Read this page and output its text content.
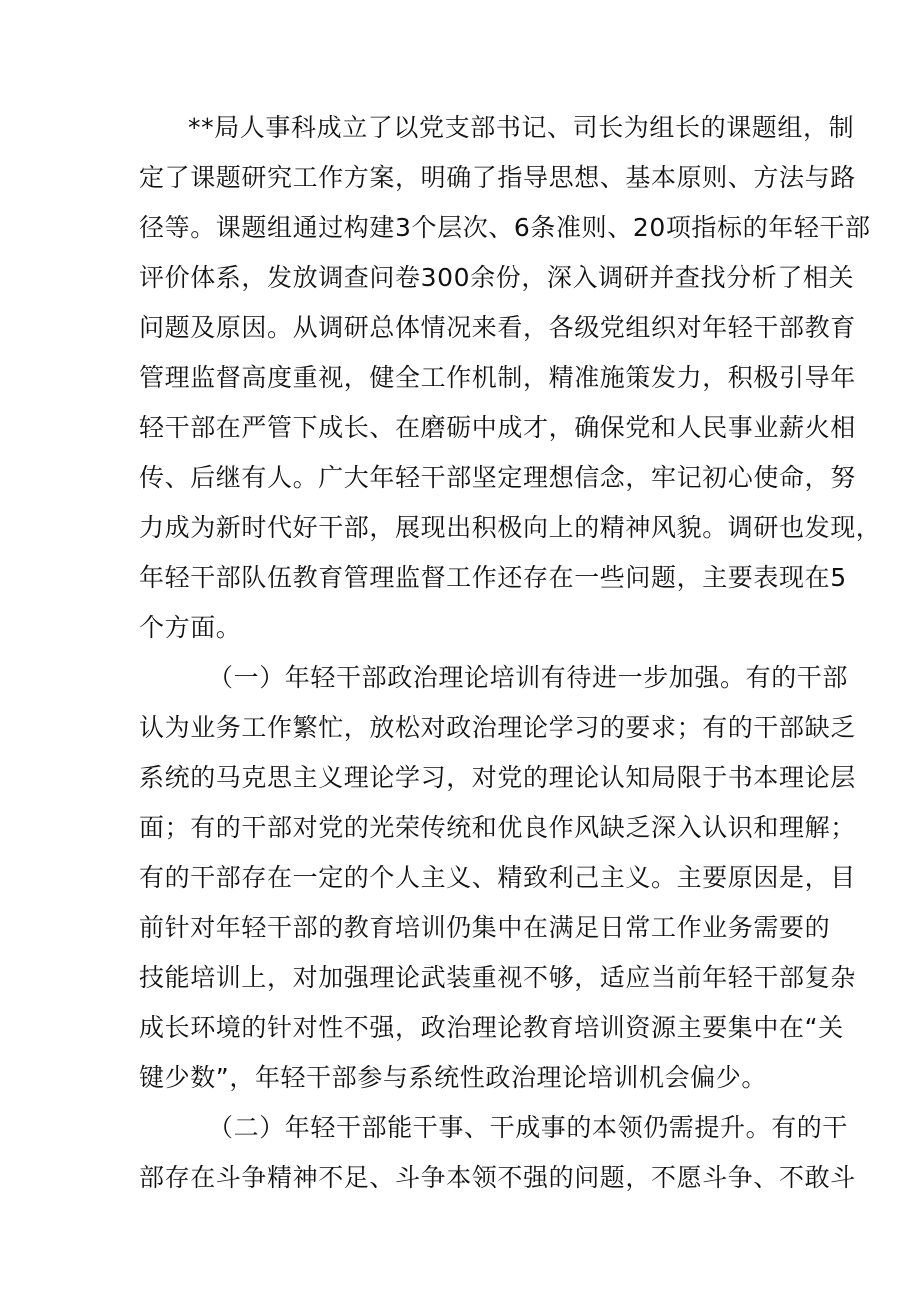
**局人事科成立了以党支部书记、司长为组长的课题组，制
定了课题研究工作方案，明确了指导思想、基本原则、方法与路
径等。课题组通过构建3个层次、6条准则、20项指标的年轻干部
评价体系，发放调查问卷300余份，深入调研并查找分析了相关
问题及原因。从调研总体情况来看，各级党组织对年轻干部教育
管理监督高度重视，健全工作机制，精准施策发力，积极引导年
轻干部在严管下成长、在磨砺中成才，确保党和人民事业薪火相
传、后继有人。广大年轻干部坚定理想信念，牢记初心使命，努
力成为新时代好干部，展现出积极向上的精神风貌。调研也发现，
年轻干部队伍教育管理监督工作还存在一些问题，主要表现在5
个方面。
（一）年轻干部政治理论培训有待进一步加强。有的干部
认为业务工作繁忙，放松对政治理论学习的要求；有的干部缺乏
系统的马克思主义理论学习，对党的理论认知局限于书本理论层
面；有的干部对党的光荣传统和优良作风缺乏深入认识和理解；
有的干部存在一定的个人主义、精致利己主义。主要原因是，目
前针对年轻干部的教育培训仍集中在满足日常工作业务需要的
技能培训上，对加强理论武装重视不够，适应当前年轻干部复杂
成长环境的针对性不强，政治理论教育培训资源主要集中在“关
键少数”，年轻干部参与系统性政治理论培训机会偏少。
（二）年轻干部能干事、干成事的本领仍需提升。有的干
部存在斗争精神不足、斗争本领不强的问题，不愿斗争、不敢斗
